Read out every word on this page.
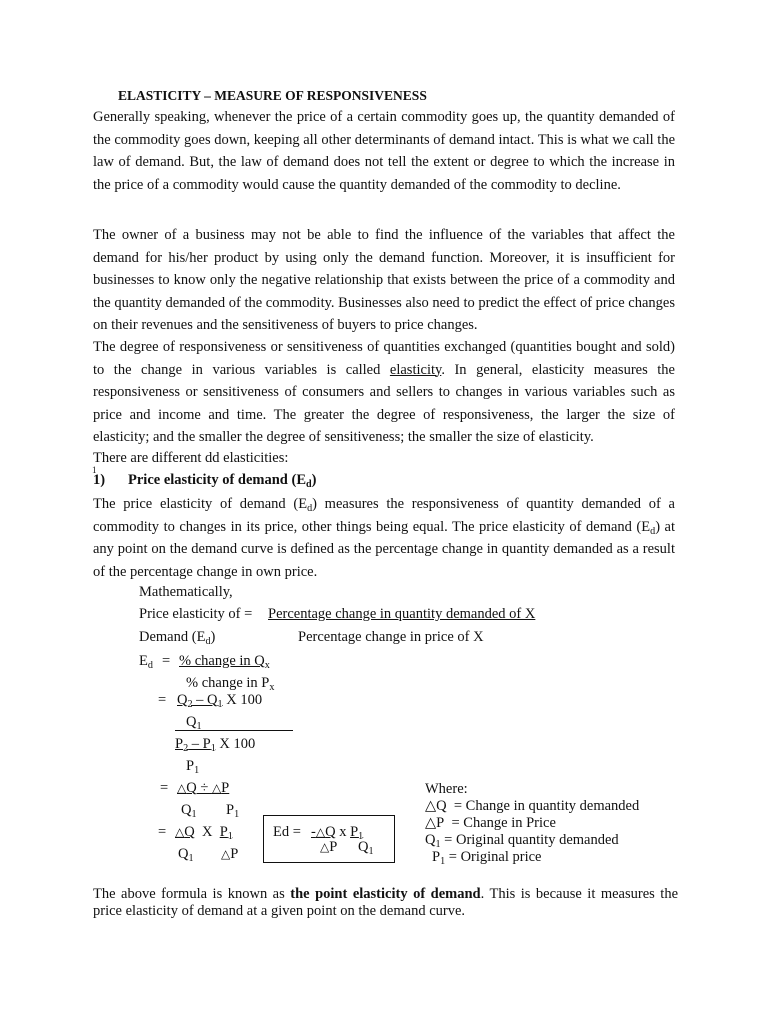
ELASTICITY – MEASURE OF RESPONSIVENESS

Generally speaking, whenever the price of a certain commodity goes up, the quantity demanded of the commodity goes down, keeping all other determinants of demand intact. This is what we call the law of demand. But, the law of demand does not tell the extent or degree to which the increase in the price of a commodity would cause the quantity demanded of the commodity to decline.

The owner of a business may not be able to find the influence of the variables that affect the demand for his/her product by using only the demand function. Moreover, it is insufficient for businesses to know only the negative relationship that exists between the price of a commodity and the quantity demanded of the commodity. Businesses also need to predict the effect of price changes on their revenues and the sensitiveness of buyers to price changes.

The degree of responsiveness or sensitiveness of quantities exchanged (quantities bought and sold) to the change in various variables is called elasticity. In general, elasticity measures the responsiveness or sensitiveness of consumers and sellers to changes in various variables such as price and income and time. The greater the degree of responsiveness, the larger the size of elasticity; and the smaller the degree of sensitiveness; the smaller the size of elasticity.

There are different dd elasticities:
1
1) Price elasticity of demand $(E_d)$

The price elasticity of demand $(E_d)$ measures the responsiveness of quantity demanded of a commodity to changes in its price, other things being equal. The price elasticity of demand $(E_d)$ at any point on the demand curve is defined as the percentage change in quantity demanded as a result of the percentage change in own price.

Mathematically,
Price elasticity of = Percentage change in quantity demanded of X
Demand $(E_d)$	Percentage change in price of X
$E_d$ = % change in $Q_x$
% change in $P_x$
= $Q_2 - Q_1$ X 100
$Q_1$
$P_2 - P_1$ X 100
$P_1$
= △Q ÷ △P
$Q_1$ $P_1$
= △Q X $P_1$
$Q_1$ △P
Ed = -△Q x $P_1$
△P $Q_1$
Where:
△Q = Change in quantity demanded
△P = Change in Price
$Q_1$ = Original quantity demanded
$P_1$ = Original price

The above formula is known as the point elasticity of demand. This is because it measures the price elasticity of demand at a given point on the demand curve.
